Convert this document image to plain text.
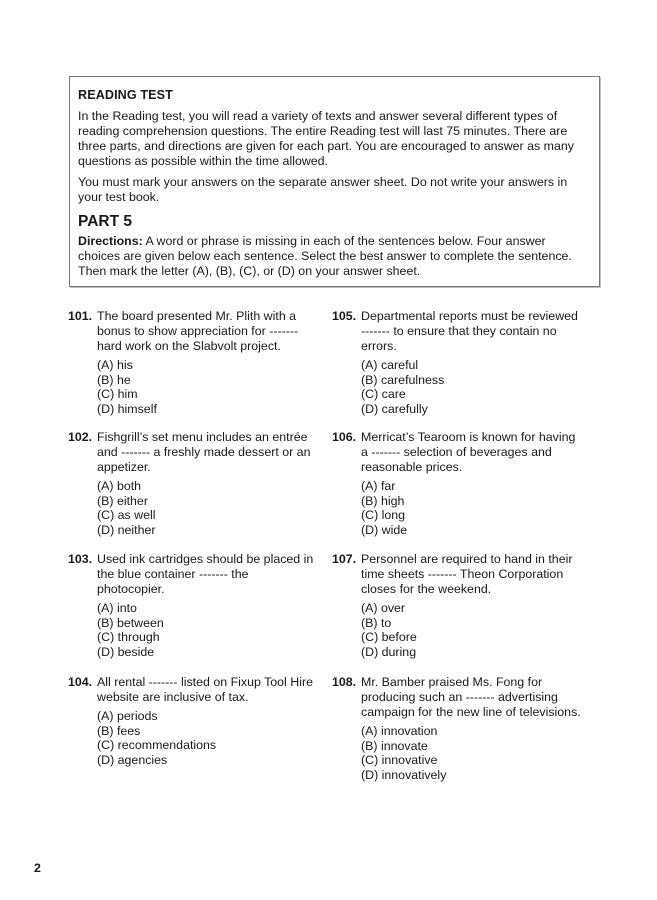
READING TEST

In the Reading test, you will read a variety of texts and answer several different types of reading comprehension questions. The entire Reading test will last 75 minutes. There are three parts, and directions are given for each part. You are encouraged to answer as many questions as possible within the time allowed.

You must mark your answers on the separate answer sheet. Do not write your answers in your test book.

PART 5

Directions: A word or phrase is missing in each of the sentences below. Four answer choices are given below each sentence. Select the best answer to complete the sentence. Then mark the letter (A), (B), (C), or (D) on your answer sheet.

101. The board presented Mr. Plith with a bonus to show appreciation for ------- hard work on the Slabvolt project.
(A) his
(B) he
(C) him
(D) himself
102. Fishgrill’s set menu includes an entrée and ------- a freshly made dessert or an appetizer.
(A) both
(B) either
(C) as well
(D) neither
103. Used ink cartridges should be placed in the blue container ------- the photocopier.
(A) into
(B) between
(C) through
(D) beside
104. All rental ------- listed on Fixup Tool Hire website are inclusive of tax.
(A) periods
(B) fees
(C) recommendations
(D) agencies
105. Departmental reports must be reviewed ------- to ensure that they contain no errors.
(A) careful
(B) carefulness
(C) care
(D) carefully
106. Merricat’s Tearoom is known for having a ------- selection of beverages and reasonable prices.
(A) far
(B) high
(C) long
(D) wide
107. Personnel are required to hand in their time sheets ------- Theon Corporation closes for the weekend.
(A) over
(B) to
(C) before
(D) during
108. Mr. Bamber praised Ms. Fong for producing such an ------- advertising campaign for the new line of televisions.
(A) innovation
(B) innovate
(C) innovative
(D) innovatively
2
